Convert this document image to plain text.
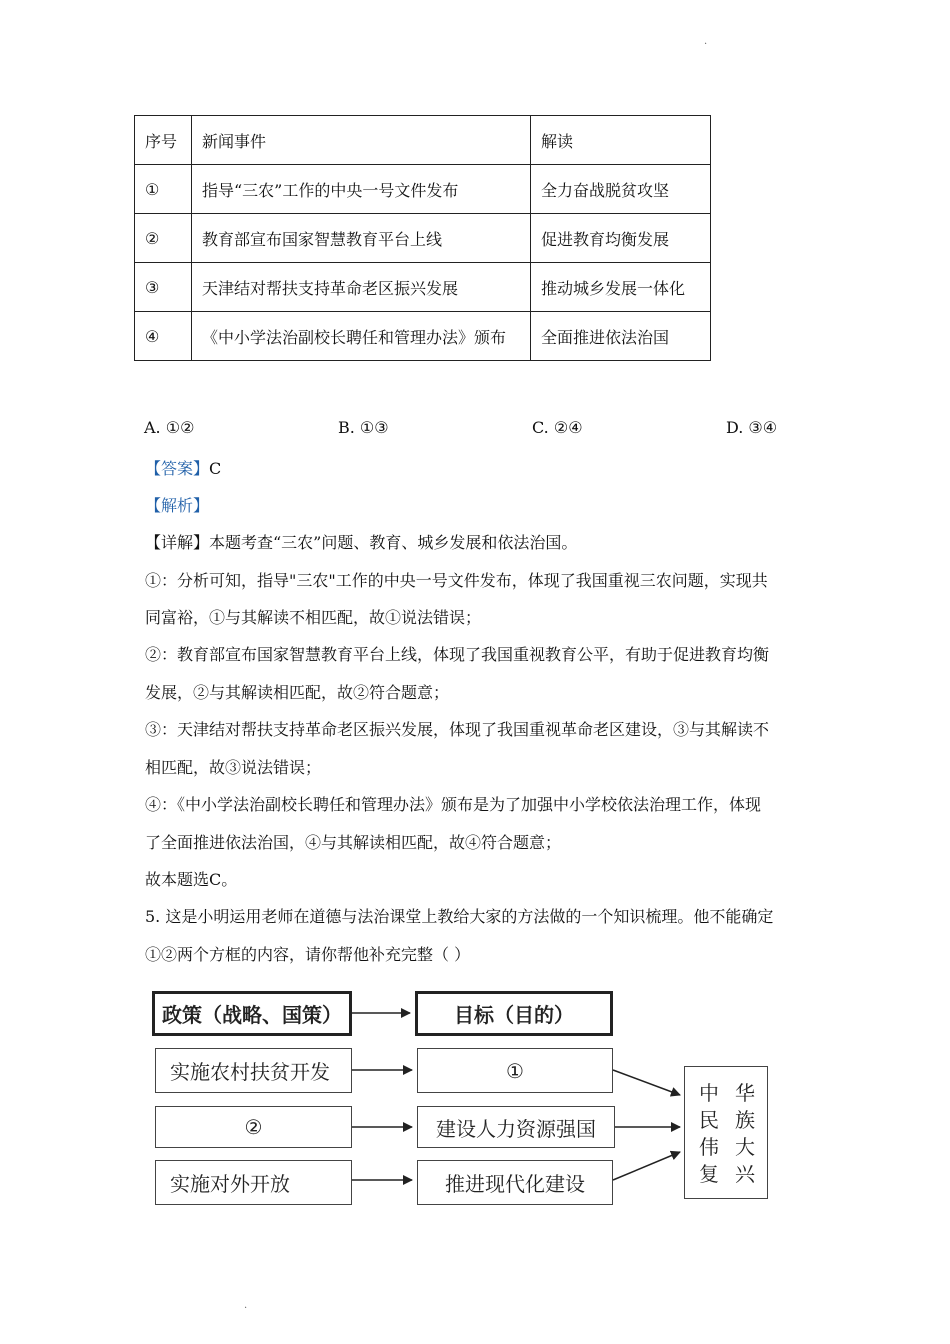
.
序号	新闻事件	解读
①	指导“三农”工作的中央一号文件发布	全力奋战脱贫攻坚
②	教育部宣布国家智慧教育平台上线	促进教育均衡发展
③	天津结对帮扶支持革命老区振兴发展	推动城乡发展一体化
④	《中小学法治副校长聘任和管理办法》颁布	全面推进依法治国
A. ①②	B. ①③	C. ②④	D. ③④
【答案】C
【解析】
【详解】本题考查“三农”问题、教育、城乡发展和依法治国。
①：分析可知，指导"三农"工作的中央一号文件发布，体现了我国重视三农问题，实现共
同富裕，①与其解读不相匹配，故①说法错误；
②：教育部宣布国家智慧教育平台上线，体现了我国重视教育公平，有助于促进教育均衡
发展，②与其解读相匹配，故②符合题意；
③：天津结对帮扶支持革命老区振兴发展，体现了我国重视革命老区建设，③与其解读不
相匹配，故③说法错误；
④：《中小学法治副校长聘任和管理办法》颁布是为了加强中小学校依法治理工作，体现
了全面推进依法治国，④与其解读相匹配，故④符合题意；
故本题选C。
5. 这是小明运用老师在道德与法治课堂上教给大家的方法做的一个知识梳理。他不能确定
①②两个方框的内容，请你帮他补充完整（ ）
政策（战略、国策）	目标（目的）
实施农村扶贫开发
②
实施对外开放
①
建设人力资源强国
推进现代化建设
中 华
民 族
伟 大
复 兴
.
